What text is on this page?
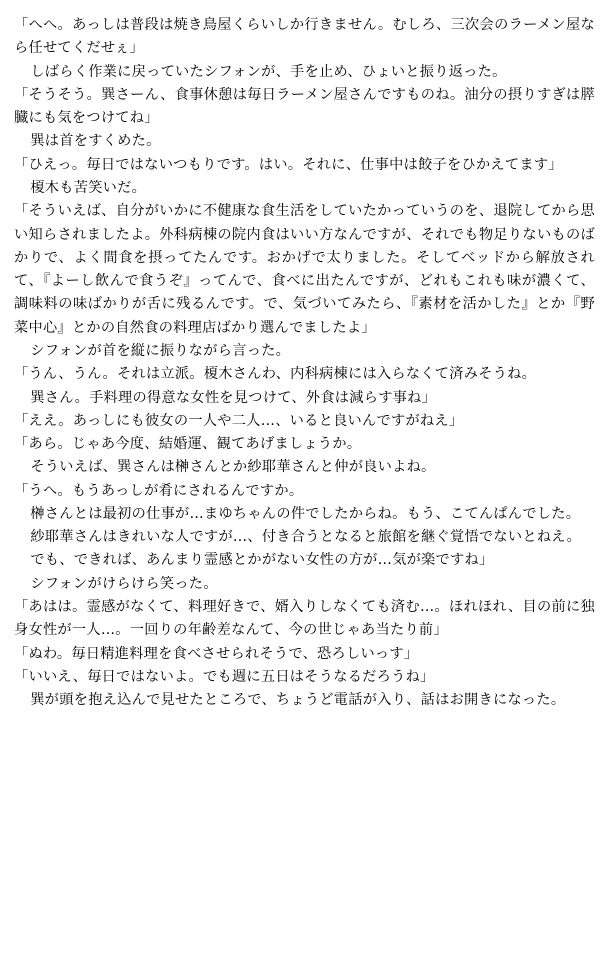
「へへ。あっしは普段は焼き鳥屋くらいしか行きません。むしろ、三次会のラーメン屋なら任せてくだせぇ」

しばらく作業に戻っていたシフォンが、手を止め、ひょいと振り返った。

「そうそう。巽さーん、食事休憩は毎日ラーメン屋さんですものね。油分の摂りすぎは膵臓にも気をつけてね」

巽は首をすくめた。

「ひえっ。毎日ではないつもりです。はい。それに、仕事中は餃子をひかえてます」

榎木も苦笑いだ。

「そういえば、自分がいかに不健康な食生活をしていたかっていうのを、退院してから思い知らされましたよ。外科病棟の院内食はいい方なんですが、それでも物足りないものばかりで、よく間食を摂ってたんです。おかげで太りました。そしてベッドから解放されて、『よーし飲んで食うぞ』ってんで、食べに出たんですが、どれもこれも味が濃くて、調味料の味ばかりが舌に残るんです。で、気づいてみたら、『素材を活かした』とか『野菜中心』とかの自然食の料理店ばかり選んでましたよ」

シフォンが首を縦に振りながら言った。

「うん、うん。それは立派。榎木さんわ、内科病棟には入らなくて済みそうね。

巽さん。手料理の得意な女性を見つけて、外食は減らす事ね」

「ええ。あっしにも彼女の一人や二人…、いると良いんですがねえ」

「あら。じゃあ今度、結婚運、観てあげましょうか。

そういえば、巽さんは榊さんとか紗耶華さんと仲が良いよね。

「うへ。もうあっしが肴にされるんですか。

榊さんとは最初の仕事が…まゆちゃんの件でしたからね。もう、こてんぱんでした。

紗耶華さんはきれいな人ですが…、付き合うとなると旅館を継ぐ覚悟でないとねえ。

でも、できれば、あんまり霊感とかがない女性の方が…気が楽ですね」

シフォンがけらけら笑った。

「あはは。霊感がなくて、料理好きで、婿入りしなくても済む…。ほれほれ、目の前に独身女性が一人…。一回りの年齢差なんて、今の世じゃあ当たり前」

「ぬわ。毎日精進料理を食べさせられそうで、恐ろしいっす」

「いいえ、毎日ではないよ。でも週に五日はそうなるだろうね」

巽が頭を抱え込んで見せたところで、ちょうど電話が入り、話はお開きになった。
